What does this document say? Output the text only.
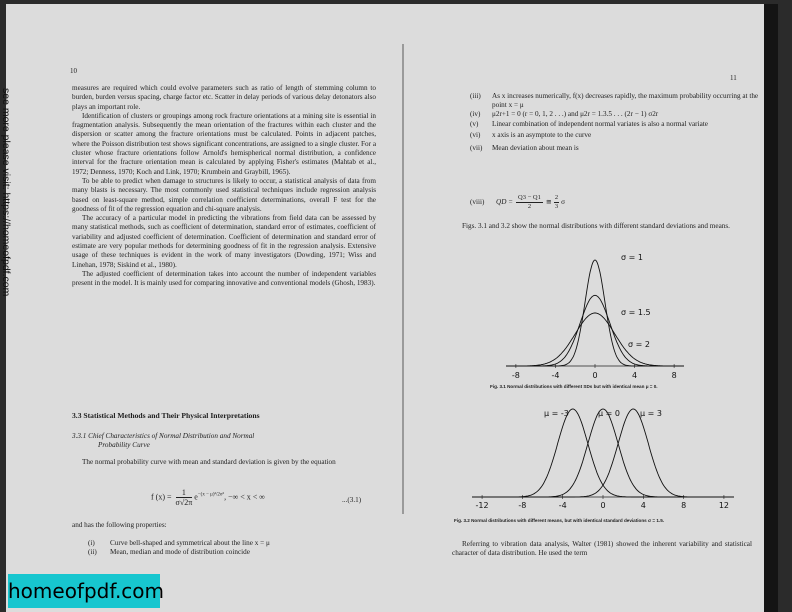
10

measures are required which could evolve parameters such as ratio of length of stemming column to burden, burden versus spacing, charge factor etc. Scatter in delay periods of various delay detonators also plays an important role.

Identification of clusters or groupings among rock fracture orientations at a mining site is essential in fragmentation analysis. Subsequently the mean orientation of the fractures within each cluster and the dispersion or scatter among the fracture orientations must be calculated. Points in adjacent patches, where the Poisson distribution test shows significant concentrations, are assigned to a single cluster. For a cluster whose fracture orientations follow Arnold's hemispherical normal distribution, a confidence interval for the fracture orientation mean is calculated by applying Fisher's estimates (Mahtab et al., 1972; Denness, 1970; Koch and Link, 1970; Krumbein and Graybill, 1965).

To be able to predict when damage to structures is likely to occur, a statistical analysis of data from many blasts is necessary. The most commonly used statistical techniques include regression analysis based on least-square method, simple correlation coefficient determinations, overall F test for the goodness of fit of the regression equation and chi-square analysis.

The accuracy of a particular model in predicting the vibrations from field data can be assessed by many statistical methods, such as coefficient of determination, standard error of estimates, coefficient of variability and adjusted coefficient of determination. Coefficient of determination and standard error of estimate are very popular methods for determining goodness of fit in the regression analysis. Extensive usage of these techniques is evident in the work of many investigators (Dowding, 1971; Wiss and Linehan, 1978; Siskind et al., 1980).

The adjusted coefficient of determination takes into account the number of independent variables present in the model. It is mainly used for comparing innovative and conventional models (Ghosh, 1983).

3.3 Statistical Methods and Their Physical Interpretations
3.3.1 Chief Characteristics of Normal Distribution and Normal
Probability Curve

The normal probability curve with mean and standard deviation is given by the equation

f $(x) = \frac{1}{\sigma√2\pi} e^{-(x - \mu)^2/2\sigma^2}$, −∞ < x < ∞	...(3.1)

and has the following properties:

(i)	Curve bell-shaped and symmetrical about the line x = μ
(ii)	Mean, median and mode of distribution coincide
11
(iii)	As x increases numerically, f(x) decreases rapidly, the maximum probability occurring at the point x = μ
(iv)	μ2r+1 = 0 (r = 0, 1, 2 . . .) and μ2r = 1.3.5 . . . (2r − 1) σ2r
(v)	Linear combination of independent normal variates is also a normal variate
(vi)	x axis is an asymptote to the curve
(vii)	Mean deviation about mean is
(viii)	QD = $\frac{Q3 - Q1}{2}$ ≅
2
3
σ

Figs. 3.1 and 3.2 show the normal distributions with different standard deviations and means.

-8	-4	0	4	8
σ = 1
σ = 1.5
σ = 2
-12	-8	-4	0	4	8	12
μ = -3	μ = 0	μ = 3
Fig. 3.1 Normal distributions with different SDs but with identical mean μ = 0.
Fig. 3.2 Normal distributions with different means, but with identical standard deviations σ = 1.5.

Referring to vibration data analysis, Walter (1981) showed the inherent variability and statistical character of data distribution. He used the term

see more please visit: https://homeofpdf.com
homeofpdf.com
